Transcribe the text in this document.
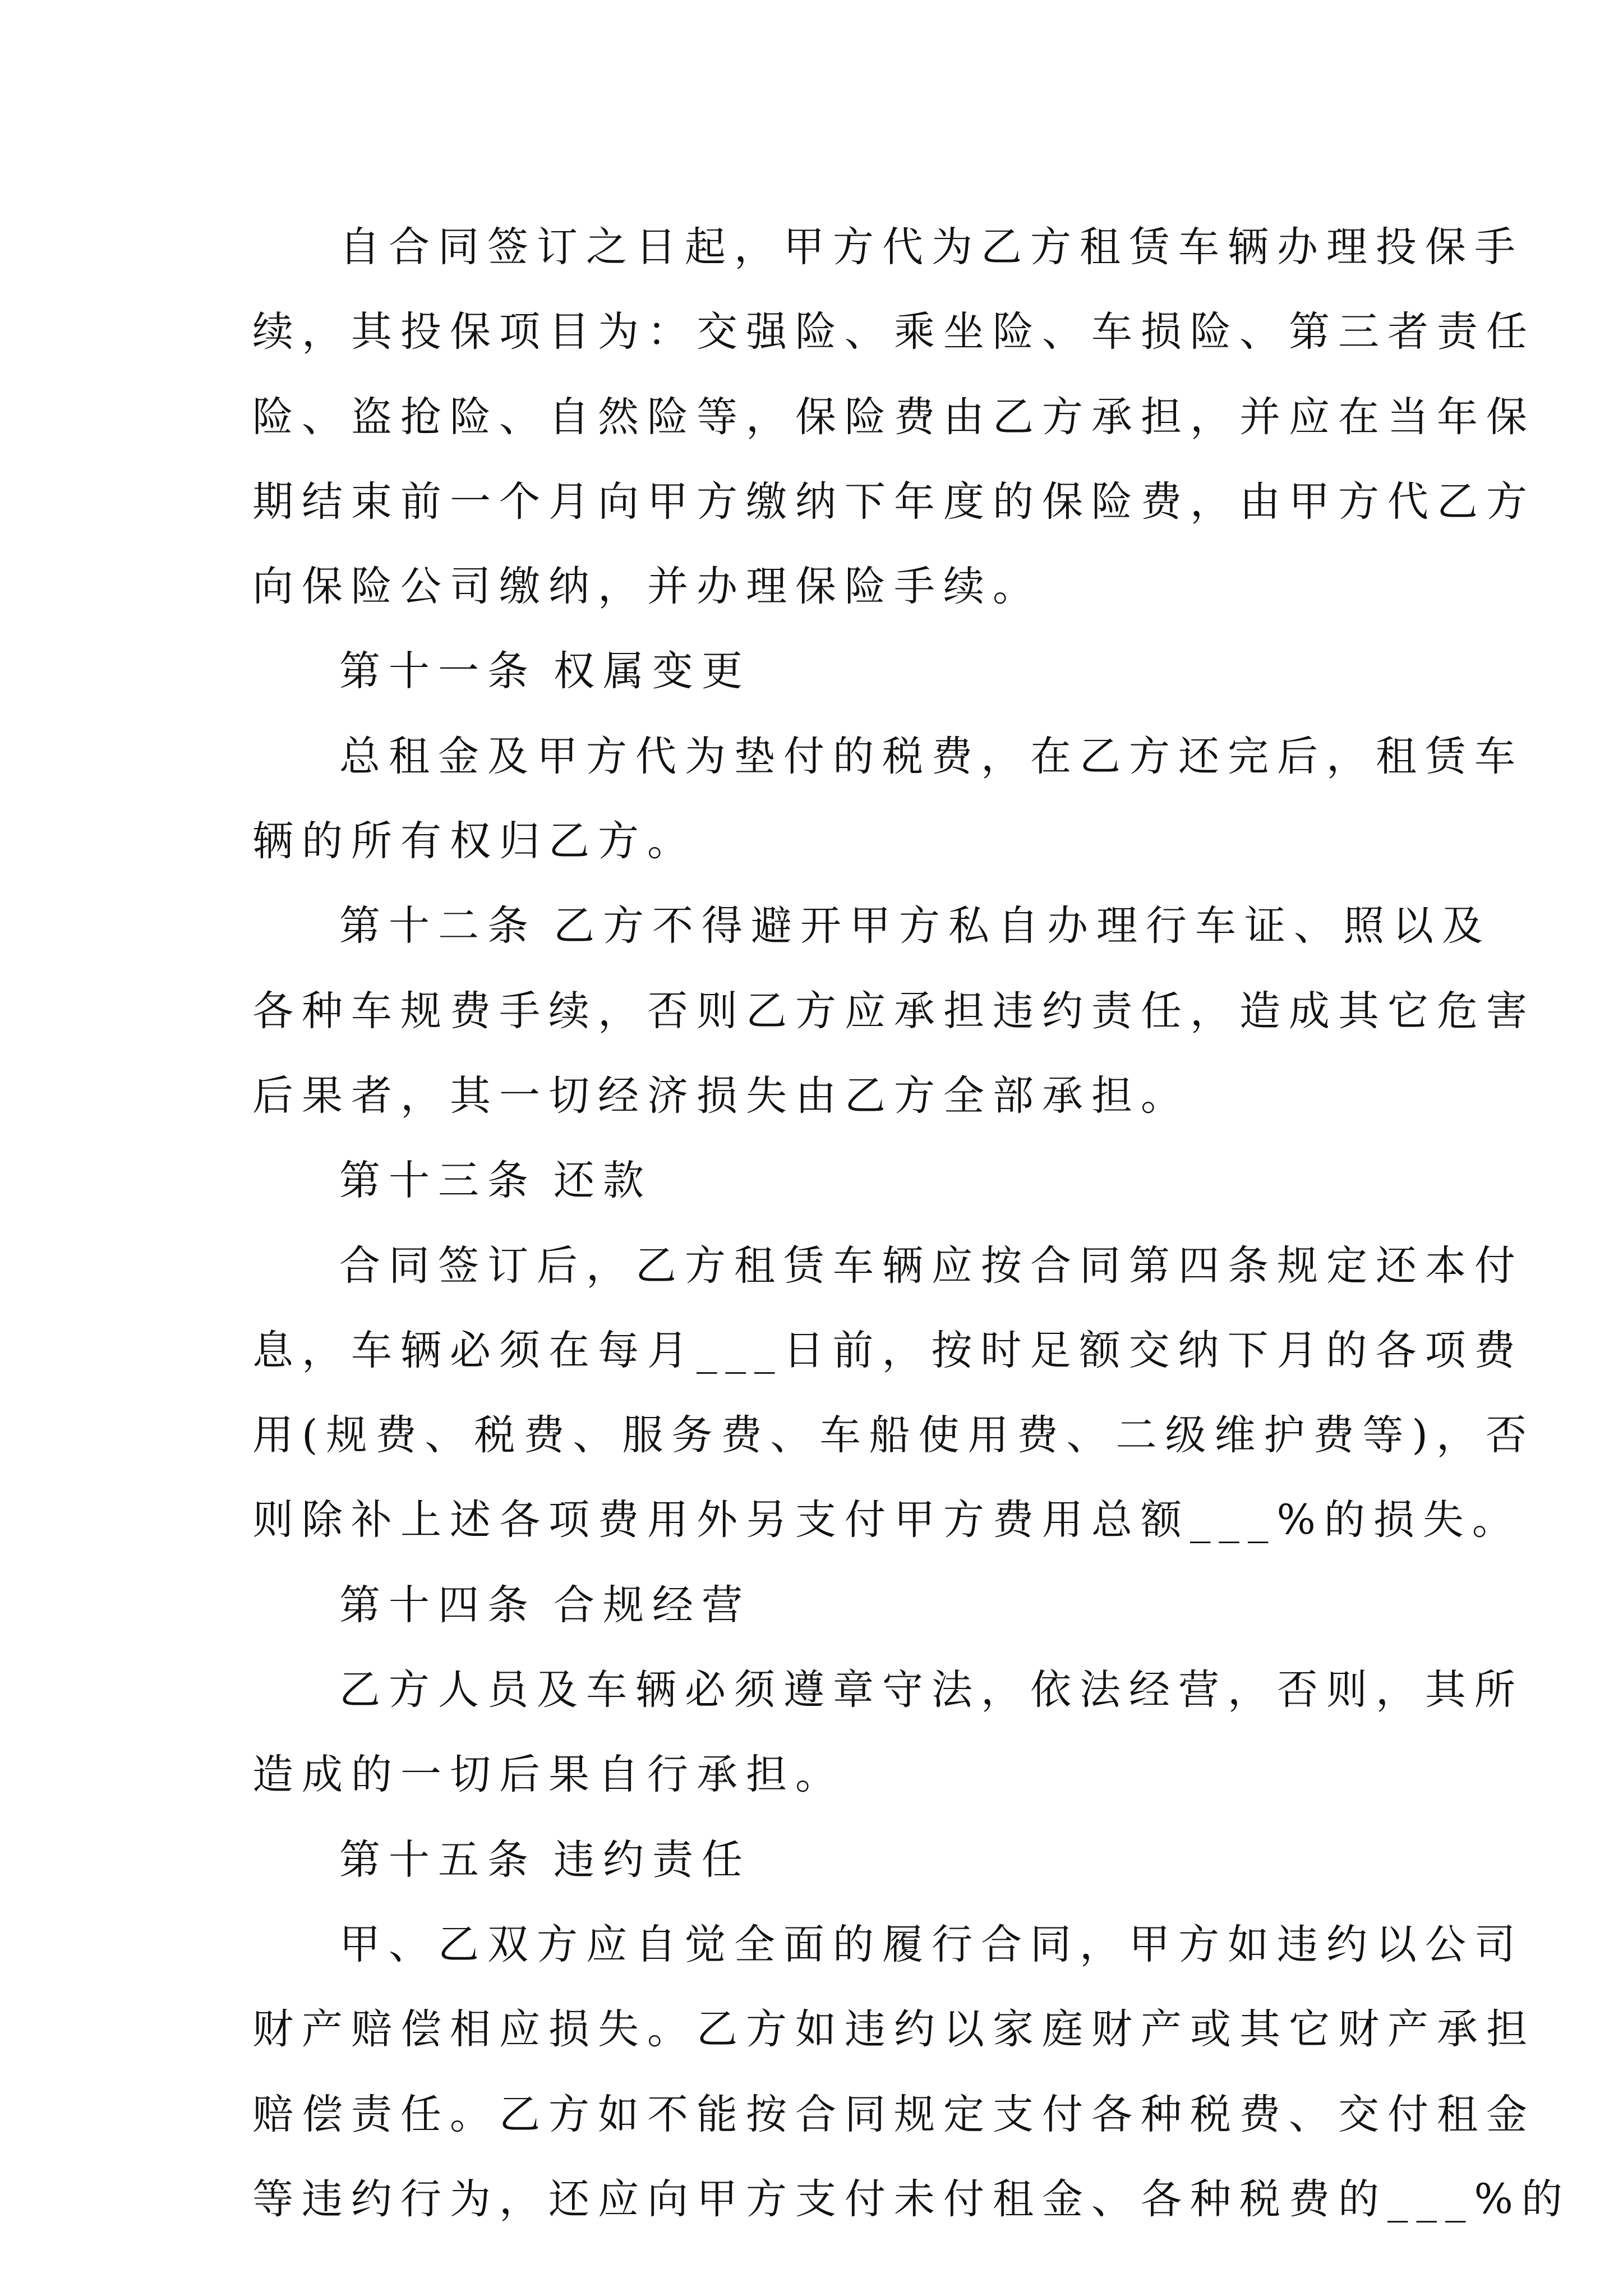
自合同签订之日起，甲方代为乙方租赁车辆办理投保手
续，其投保项目为：交强险、乘坐险、车损险、第三者责任
险、盗抢险、自然险等，保险费由乙方承担，并应在当年保
期结束前一个月向甲方缴纳下年度的保险费，由甲方代乙方
向保险公司缴纳，并办理保险手续。
第十一条 权属变更
总租金及甲方代为垫付的税费，在乙方还完后，租赁车
辆的所有权归乙方。
第十二条 乙方不得避开甲方私自办理行车证、照以及
各种车规费手续，否则乙方应承担违约责任，造成其它危害
后果者，其一切经济损失由乙方全部承担。
第十三条 还款
合同签订后，乙方租赁车辆应按合同第四条规定还本付
息，车辆必须在每月___日前，按时足额交纳下月的各项费
用(规费、税费、服务费、车船使用费、二级维护费等)，否
则除补上述各项费用外另支付甲方费用总额___%的损失。
第十四条 合规经营
乙方人员及车辆必须遵章守法，依法经营，否则，其所
造成的一切后果自行承担。
第十五条 违约责任
甲、乙双方应自觉全面的履行合同，甲方如违约以公司
财产赔偿相应损失。乙方如违约以家庭财产或其它财产承担
赔偿责任。乙方如不能按合同规定支付各种税费、交付租金
等违约行为，还应向甲方支付未付租金、各种税费的___%的
